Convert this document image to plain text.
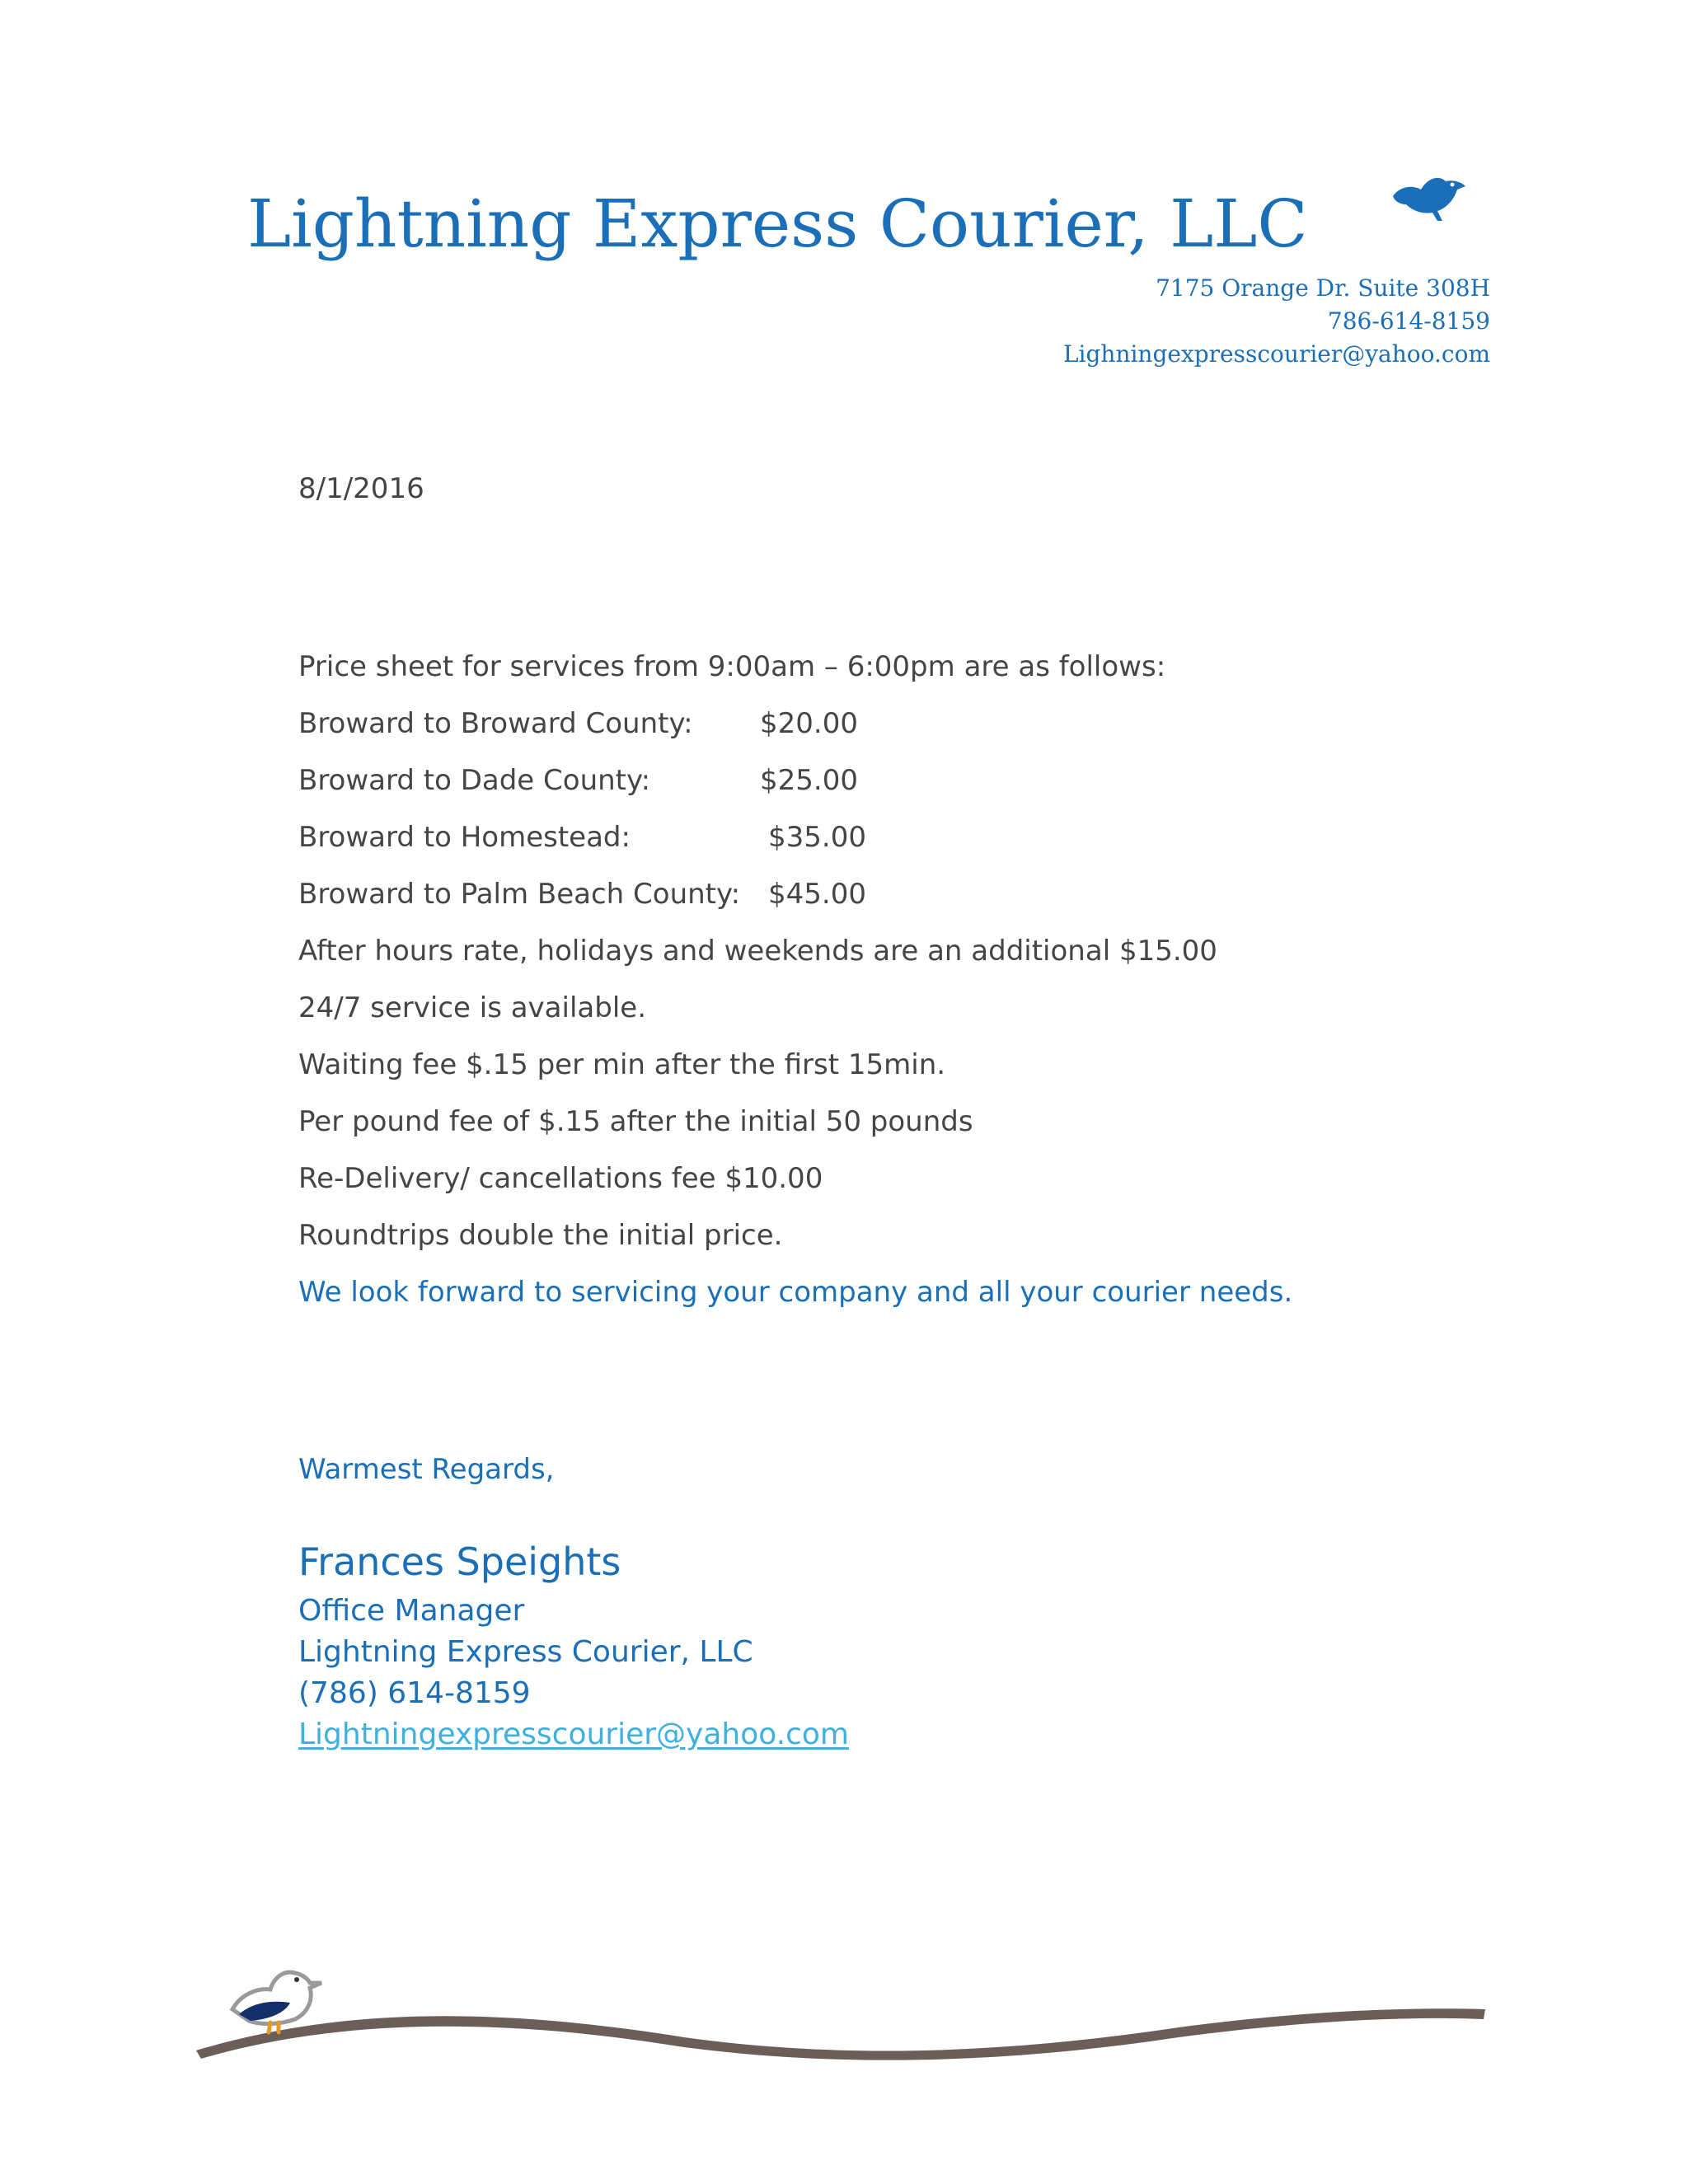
Lightning Express Courier, LLC
7175 Orange Dr. Suite 308H
786-614-8159
Lighningexpresscourier@yahoo.com
8/1/2016
Price sheet for services from 9:00am – 6:00pm are as follows:
Broward to Broward County: $20.00
Broward to Dade County:	$25.00
Broward to Homestead:	$35.00
Broward to Palm Beach County: $45.00
After hours rate, holidays and weekends are an additional $15.00
24/7 service is available.
Waiting fee $.15 per min after the first 15min.
Per pound fee of $.15 after the initial 50 pounds
Re-Delivery/ cancellations fee $10.00
Roundtrips double the initial price.
We look forward to servicing your company and all your courier needs.
Warmest Regards,
Frances Speights
Office Manager
Lightning Express Courier, LLC
(786) 614-8159
Lightningexpresscourier@yahoo.com
